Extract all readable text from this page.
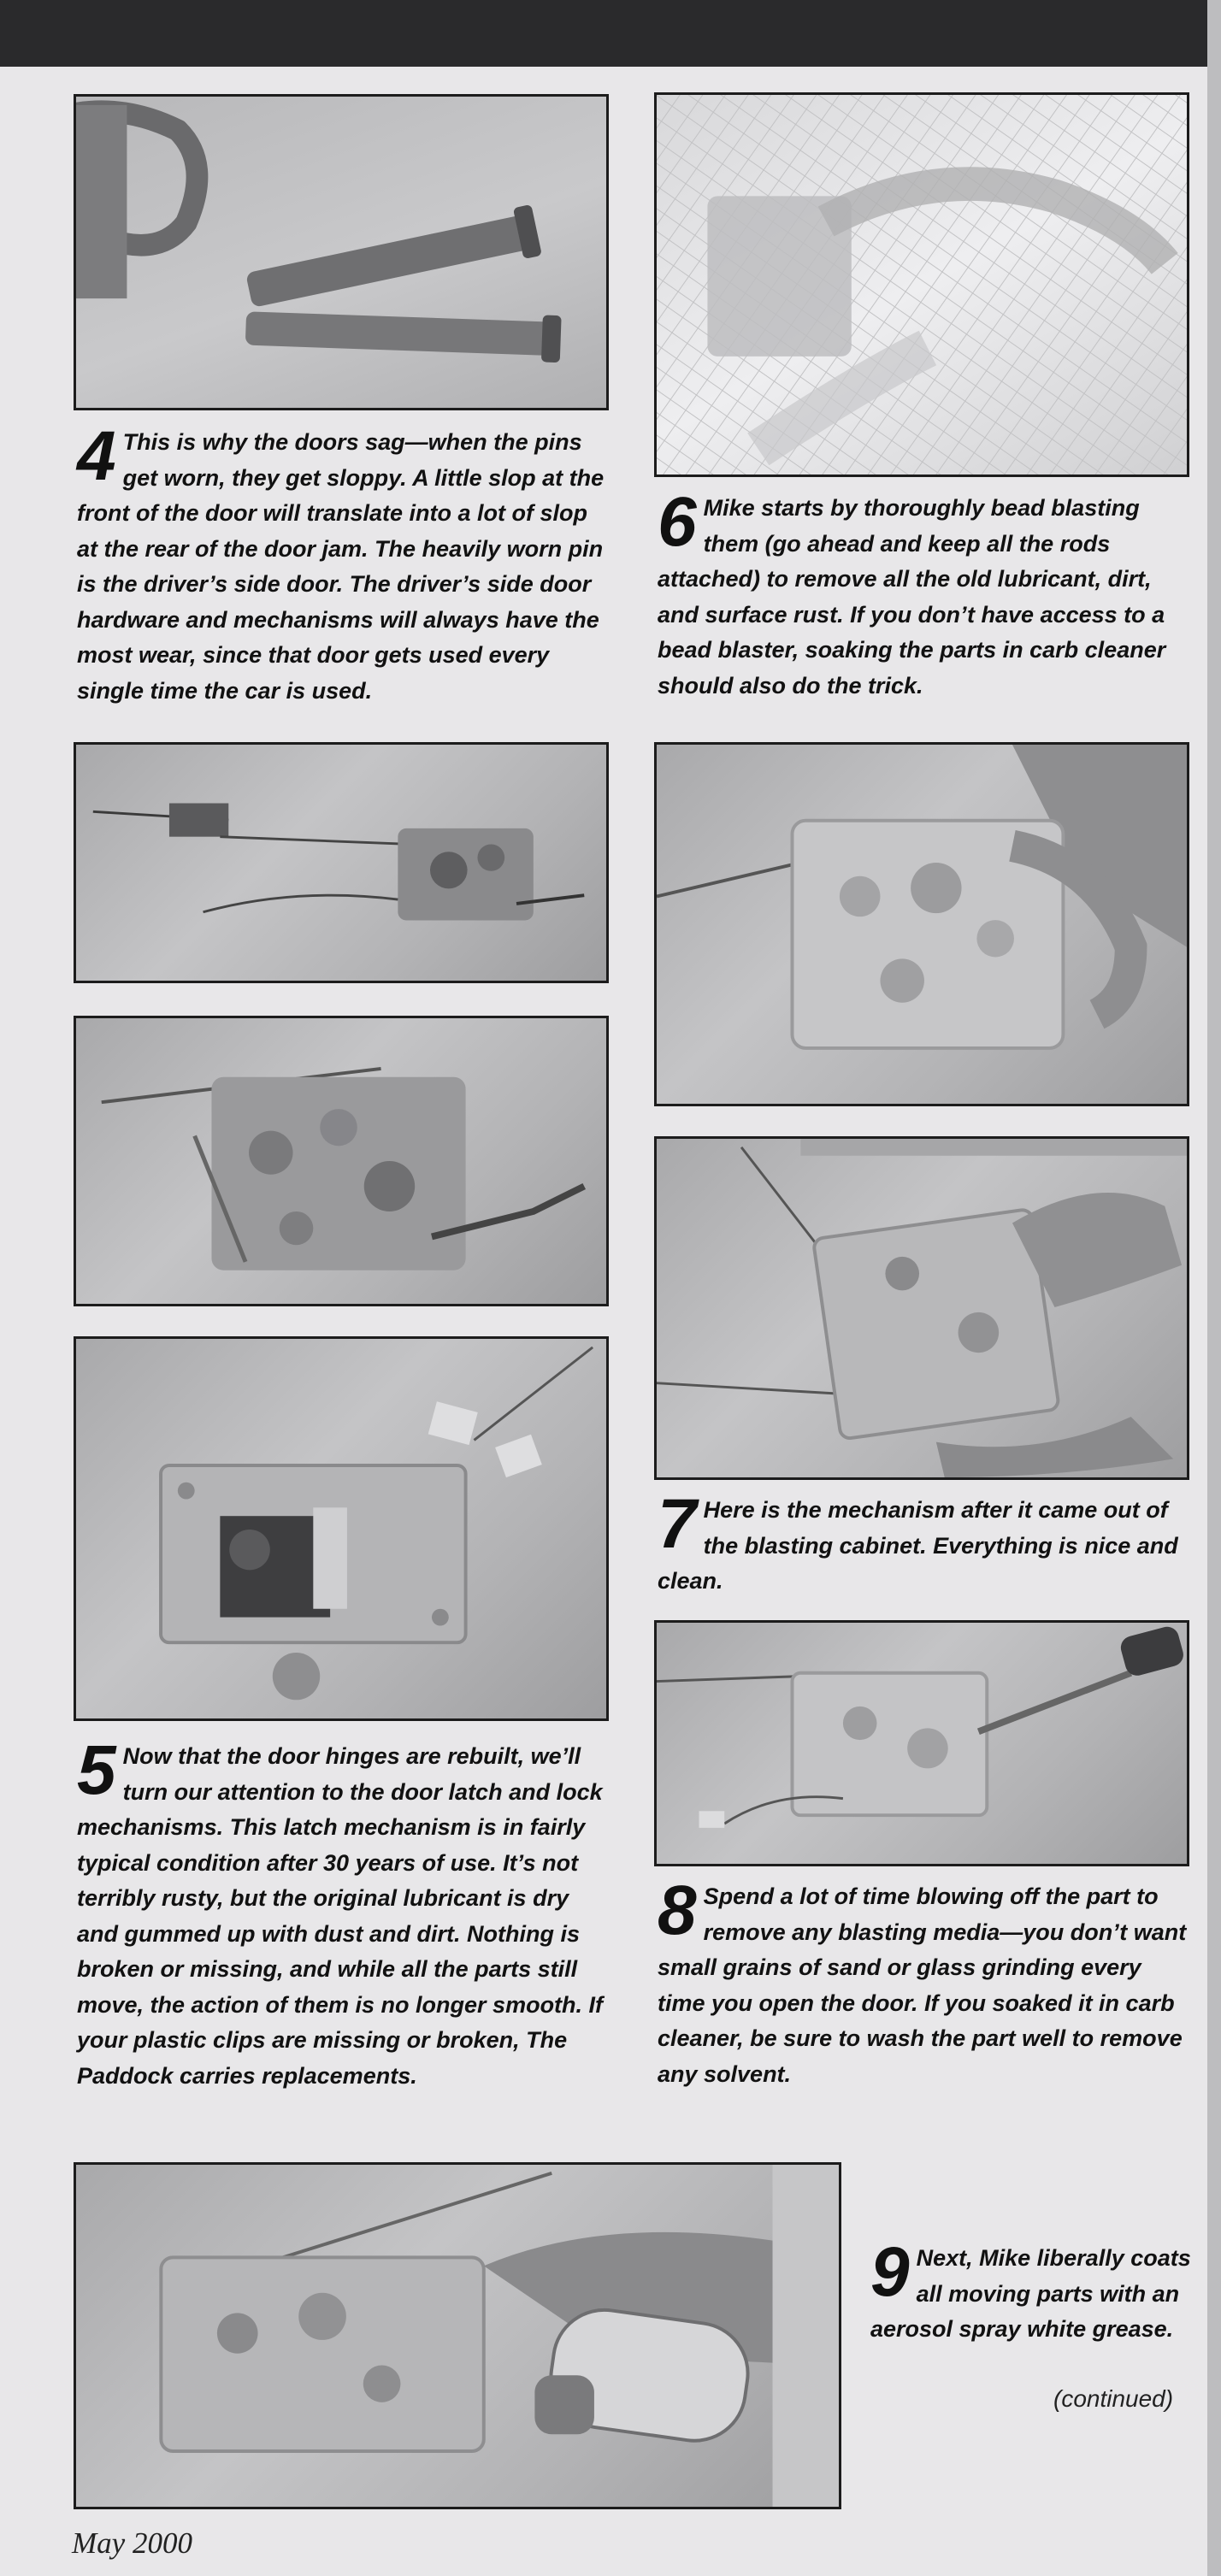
4 This is why the doors sag—when the pins get worn, they get sloppy. A little slop at the front of the door will translate into a lot of slop at the rear of the door jam. The heavily worn pin is the driver’s side door. The driver’s side door hardware and mechanisms will always have the most wear, since that door gets used every single time the car is used.

5 Now that the door hinges are rebuilt, we’ll turn our attention to the door latch and lock mechanisms. This latch mechanism is in fairly typical condition after 30 years of use. It’s not terribly rusty, but the original lubricant is dry and gummed up with dust and dirt. Nothing is broken or missing, and while all the parts still move, the action of them is no longer smooth. If your plastic clips are missing or broken, The Paddock carries replacements.

6 Mike starts by thoroughly bead blasting them (go ahead and keep all the rods attached) to remove all the old lubricant, dirt, and surface rust. If you don’t have access to a bead blaster, soaking the parts in carb cleaner should also do the trick.

7 Here is the mechanism after it came out of the blasting cabinet. Everything is nice and clean.

8 Spend a lot of time blowing off the part to remove any blasting media—you don’t want small grains of sand or glass grinding every time you open the door. If you soaked it in carb cleaner, be sure to wash the part well to remove any solvent.

9 Next, Mike liberally coats all moving parts with an aerosol spray white grease.

(continued)
May 2000
